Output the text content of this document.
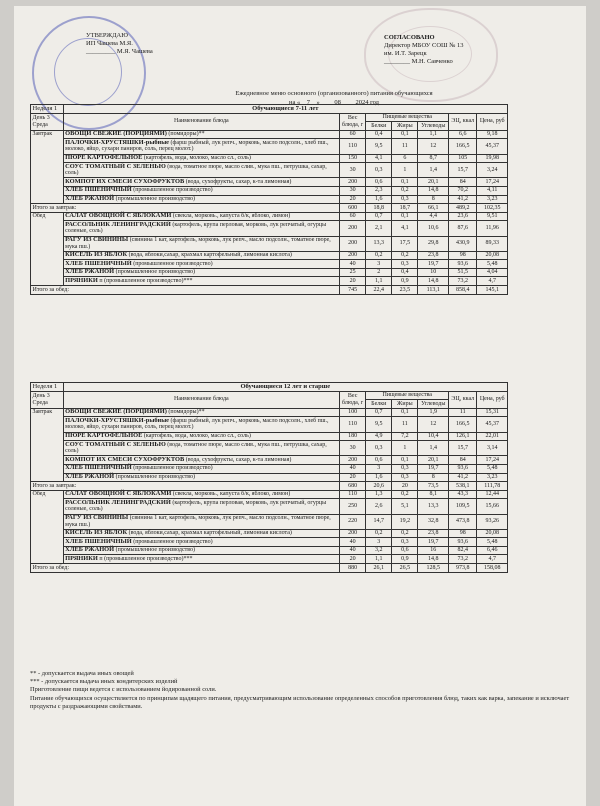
УТВЕРЖДАЮ
ИП Чашева М.Я.
_________ М.Я. Чашева
СОГЛАСОВАНО
Директор МБОУ СОШ № 13
им. И.Т. Зарецк
________ М.Н. Савченко
Ежедневное меню основного (организованного) питания обучающихся
на «__7__» ____08____ 2024 год
Неделя 1	Обучающиеся 7-11 лет						
День 3
Среда	Наименование блюда	Вес блюда, г	Пищевые вещества			ЭЦ, ккал	Цена, руб
			Белки	Жиры	Углеводы		
Завтрак	ОВОЩИ СВЕЖИЕ (ПОРЦИЯМИ) (помидоры)**	60	0,4	0,1	1,1	6,6	9,18
	ПАЛОЧКИ-ХРУСТЯШКИ-рыбные (фарш рыбный, лук репч., морковь, масло подсолн., хлеб пш., молоко, яйцо, сухари паниров, соль, перец молот.)	110	9,5	11	12	166,5	45,37
	ПЮРЕ КАРТОФЕЛЬНОЕ (картофель, вода, молоко, масло сл., соль)	150	4,1	6	8,7	105	19,98
	СОУС ТОМАТНЫЙ С ЗЕЛЕНЬЮ (вода, томатное пюре, масло слив., мука пш., петрушка, сахар, соль)	30	0,3	1	1,4	15,7	3,24
	КОМПОТ ИХ СМЕСИ СУХОФРУКТОВ (вода, сухофрукты, сахар, к-та лимонная)	200	0,6	0,1	20,1	84	17,24
	ХЛЕБ ПШЕНИЧНЫЙ (промышленное производство)	30	2,3	0,2	14,8	70,2	4,11
	ХЛЕБ РЖАНОЙ (промышленное производство)	20	1,6	0,3	8	41,2	3,23
Итого за завтрак:		600	18,8	18,7	66,1	489,2	102,35
Обед	САЛАТ ОВОЩНОЙ С ЯБЛОКАМИ (свекла, морковь., капуста б/к, яблоко, лимон)	60	0,7	0,1	4,4	23,6	9,51
	РАССОЛЬНИК ЛЕНИНГРАДСКИЙ (картофель, крупа перловая, морковь, лук репчатый, огурцы соленые, соль)	200	2,1	4,1	10,6	87,6	11,96
	РАГУ ИЗ СВИНИНЫ (свинина 1 кат, картофель, морковь, лук репч., масло подсолн., томатное пюре, мука пш.)	200	13,3	17,5	29,8	430,9	89,33
	КИСЕЛЬ ИЗ ЯБЛОК (вода, яблоки,сахар, крахмал картофельный, лимонная кислота)	200	0,2	0,2	23,8	98	20,08
	ХЛЕБ ПШЕНИЧНЫЙ (промышленное производство)	40	3	0,3	19,7	93,6	5,48
	ХЛЕБ РЖАНОЙ (промышленное производство)	25	2	0,4	10	51,5	4,04
	ПРЯНИКИ п (промышленное производство)***	20	1,1	0,9	14,8	73,2	4,7
Итого за обед:		745	22,4	23,5	113,1	858,4	145,1
Неделя 1	Обучающиеся 12 лет и старше						
День 3
Среда	Наименование блюда	Вес блюда, г	Пищевые вещества			ЭЦ, ккал	Цена, руб
			Белки	Жиры	Углеводы		
Завтрак	ОВОЩИ СВЕЖИЕ (ПОРЦИЯМИ) (помидоры)**	100	0,7	0,1	1,9	11	15,31
	ПАЛОЧКИ-ХРУСТЯШКИ-рыбные (фарш рыбный, лук репч., морковь, масло подсолн., хлеб пш., молоко, яйцо, сухари паниров, соль, перец молот.)	110	9,5	11	12	166,5	45,37
	ПЮРЕ КАРТОФЕЛЬНОЕ (картофель, вода, молоко, масло сл., соль)	180	4,9	7,2	10,4	126,1	22,01
	СОУС ТОМАТНЫЙ С ЗЕЛЕНЬЮ (вода, томатное пюре, масло слив., мука пш., петрушка, сахар, соль)	30	0,3	1	1,4	15,7	3,14
	КОМПОТ ИХ СМЕСИ СУХОФРУКТОВ (вода, сухофрукты, сахар, к-та лимонная)	200	0,6	0,1	20,1	84	17,24
	ХЛЕБ ПШЕНИЧНЫЙ (промышленное производство)	40	3	0,3	19,7	93,6	5,48
	ХЛЕБ РЖАНОЙ (промышленное производство)	20	1,6	0,3	8	41,2	3,23
Итого за завтрак:		680	20,6	20	73,5	538,1	111,78
Обед	САЛАТ ОВОЩНОЙ С ЯБЛОКАМИ (свекла, морковь., капуста б/к, яблоко, лимон)	110	1,3	0,2	8,1	43,3	12,44
	РАССОЛЬНИК ЛЕНИНГРАДСКИЙ (картофель, крупа перловая, морковь, лук репчатый, огурцы соленые, соль)	250	2,6	5,1	13,3	109,5	15,66
	РАГУ ИЗ СВИНИНЫ (свинина 1 кат, картофель, морковь, лук репч., масло подсолн., томатное пюре, мука пш.)	220	14,7	19,2	32,8	473,8	93,26
	КИСЕЛЬ ИЗ ЯБЛОК (вода, яблоки,сахар, крахмал картофельный, лимонная кислота)	200	0,2	0,2	23,8	98	20,08
	ХЛЕБ ПШЕНИЧНЫЙ (промышленное производство)	40	3	0,3	19,7	93,6	5,48
	ХЛЕБ РЖАНОЙ (промышленное производство)	40	3,2	0,6	16	82,4	6,46
	ПРЯНИКИ п (промышленное производство)***	20	1,1	0,9	14,8	73,2	4,7
Итого за обед:		880	26,1	26,5	128,5	973,8	158,08
** - допускается выдача иных овощей
*** - допускается выдача иных кондитерских изделий
Приготовление пищи ведется с использованием йодированной соли.
Питание обучающихся осуществляется по принципам щадящего питания, предусматривающим использование определенных способов приготовления блюд, таких как варка, запекание и исключает продукты с раздражающими свойствами.
